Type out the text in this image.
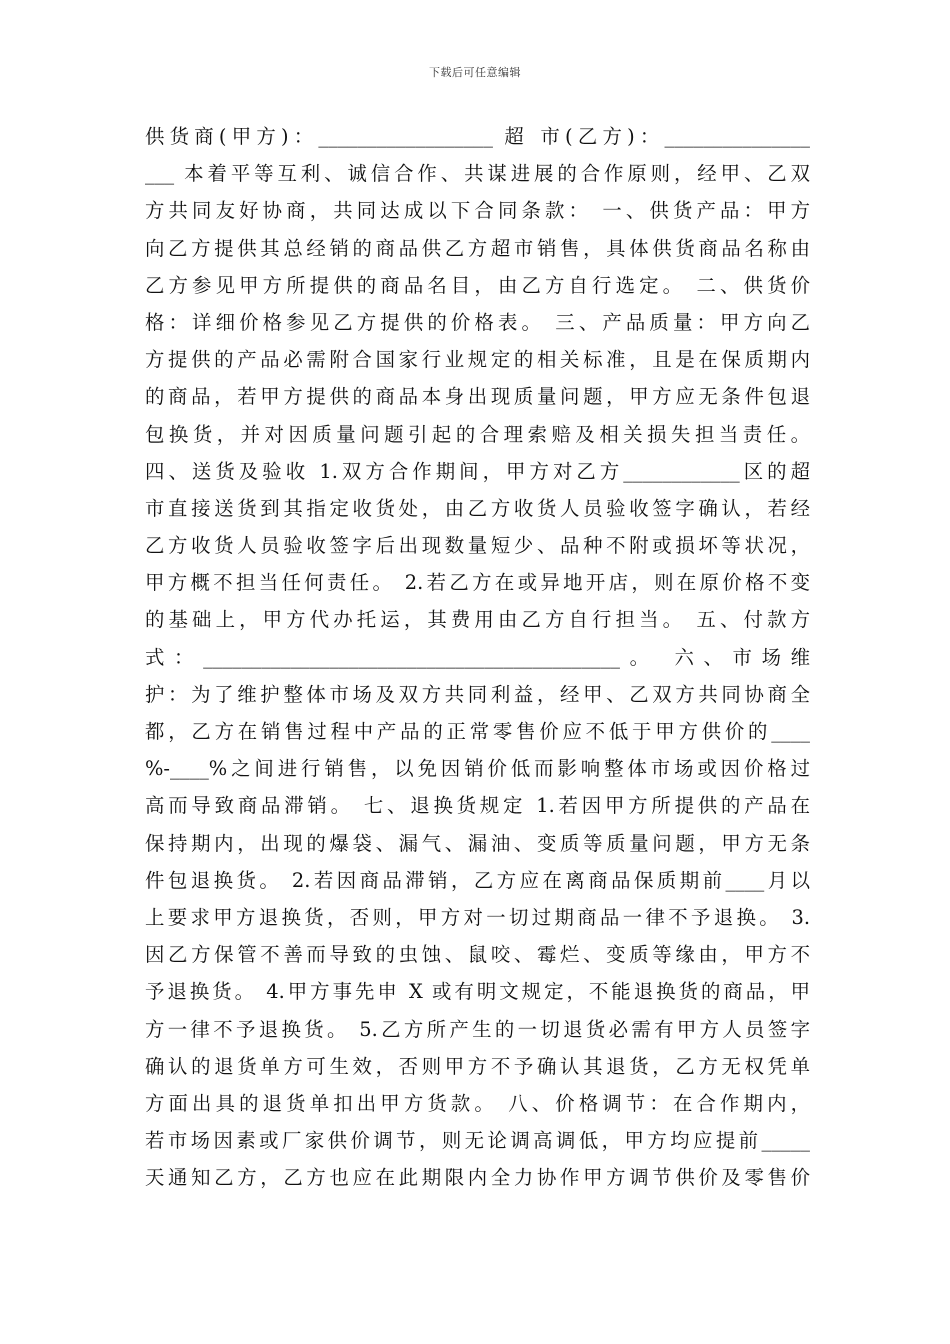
下载后可任意编辑
供货商(甲方)：__________________ 超 市(乙方)：_______________
___ 本着平等互利、诚信合作、共谋进展的合作原则，经甲、乙双
方共同友好协商，共同达成以下合同条款： 一、供货产品：甲方
向乙方提供其总经销的商品供乙方超市销售，具体供货商品名称由
乙方参见甲方所提供的商品名目，由乙方自行选定。 二、供货价
格：详细价格参见乙方提供的价格表。 三、产品质量：甲方向乙
方提供的产品必需附合国家行业规定的相关标准，且是在保质期内
的商品，若甲方提供的商品本身出现质量问题，甲方应无条件包退
包换货，并对因质量问题引起的合理索赔及相关损失担当责任。
四、送货及验收 1.双方合作期间，甲方对乙方____________区的超
市直接送货到其指定收货处，由乙方收货人员验收签字确认，若经
乙方收货人员验收签字后出现数量短少、品种不附或损坏等状况，
甲方概不担当任何责任。 2.若乙方在或异地开店，则在原价格不变
的基础上，甲方代办托运，其费用由乙方自行担当。 五、付款方
式：___________________________________________。 六、市场维
护：为了维护整体市场及双方共同利益，经甲、乙双方共同协商全
都，乙方在销售过程中产品的正常零售价应不低于甲方供价的____
%-____%之间进行销售，以免因销价低而影响整体市场或因价格过
高而导致商品滞销。 七、退换货规定 1.若因甲方所提供的产品在
保持期内，出现的爆袋、漏气、漏油、变质等质量问题，甲方无条
件包退换货。 2.若因商品滞销，乙方应在离商品保质期前____月以
上要求甲方退换货，否则，甲方对一切过期商品一律不予退换。 3.
因乙方保管不善而导致的虫蚀、鼠咬、霉烂、变质等缘由，甲方不
予退换货。 4.甲方事先申 X 或有明文规定，不能退换货的商品，甲
方一律不予退换货。 5.乙方所产生的一切退货必需有甲方人员签字
确认的退货单方可生效，否则甲方不予确认其退货，乙方无权凭单
方面出具的退货单扣出甲方货款。 八、价格调节：在合作期内，
若市场因素或厂家供价调节，则无论调高调低，甲方均应提前_____
天通知乙方，乙方也应在此期限内全力协作甲方调节供价及零售价
